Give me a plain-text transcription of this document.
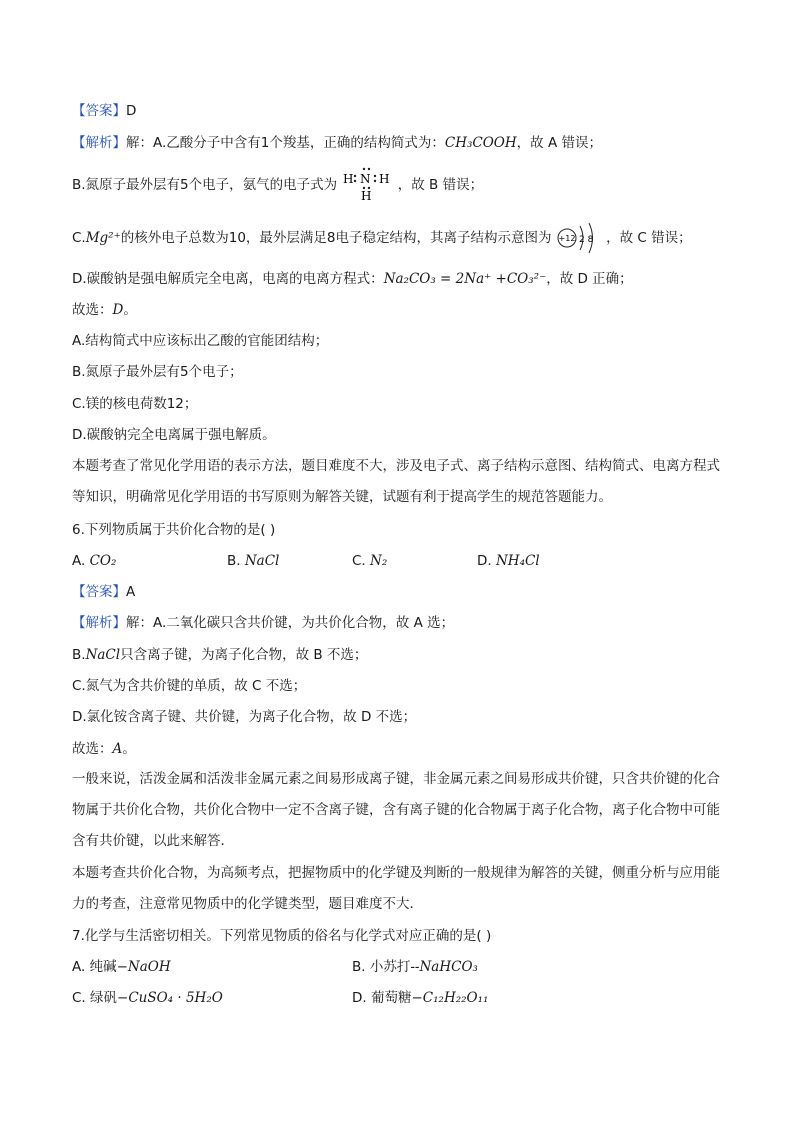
【答案】D
【解析】解：A.乙酸分子中含有1个羧基，正确的结构简式为：CH₃COOH，故 A 错误；
B.氮原子最外层有5个电子，氨气的电子式为 H N H
H
，故 B 错误；
C.Mg²⁺的核外电子总数为10，最外层满足8电子稳定结构，其离子结构示意图为 +12 2 8 ，故 C 错误；
D.碳酸钠是强电解质完全电离，电离的电离方程式：Na₂CO₃ = 2Na⁺ +CO₃²⁻，故 D 正确；
故选：D。
A.结构简式中应该标出乙酸的官能团结构；
B.氮原子最外层有5个电子；
C.镁的核电荷数12；
D.碳酸钠完全电离属于强电解质。
本题考查了常见化学用语的表示方法，题目难度不大，涉及电子式、离子结构示意图、结构简式、电离方程式等知识，明确常见化学用语的书写原则为解答关键，试题有利于提高学生的规范答题能力。
6.下列物质属于共价化合物的是( )
A. CO₂	B. NaCl	C. N₂	D. NH₄Cl
【答案】A
【解析】解：A.二氧化碳只含共价键，为共价化合物，故 A 选；
B.NaCl只含离子键，为离子化合物，故 B 不选；
C.氮气为含共价键的单质，故 C 不选；
D.氯化铵含离子键、共价键，为离子化合物，故 D 不选；
故选：A。
一般来说，活泼金属和活泼非金属元素之间易形成离子键，非金属元素之间易形成共价键，只含共价键的化合物属于共价化合物，共价化合物中一定不含离子键，含有离子键的化合物属于离子化合物，离子化合物中可能含有共价键，以此来解答．
本题考查共价化合物，为高频考点，把握物质中的化学键及判断的一般规律为解答的关键，侧重分析与应用能力的考查，注意常见物质中的化学键类型，题目难度不大．
7.化学与生活密切相关。下列常见物质的俗名与化学式对应正确的是( )
A. 纯碱−NaOH	B. 小苏打--NaHCO₃
C. 绿矾−CuSO₄ · 5H₂O	D. 葡萄糖−C₁₂H₂₂O₁₁
